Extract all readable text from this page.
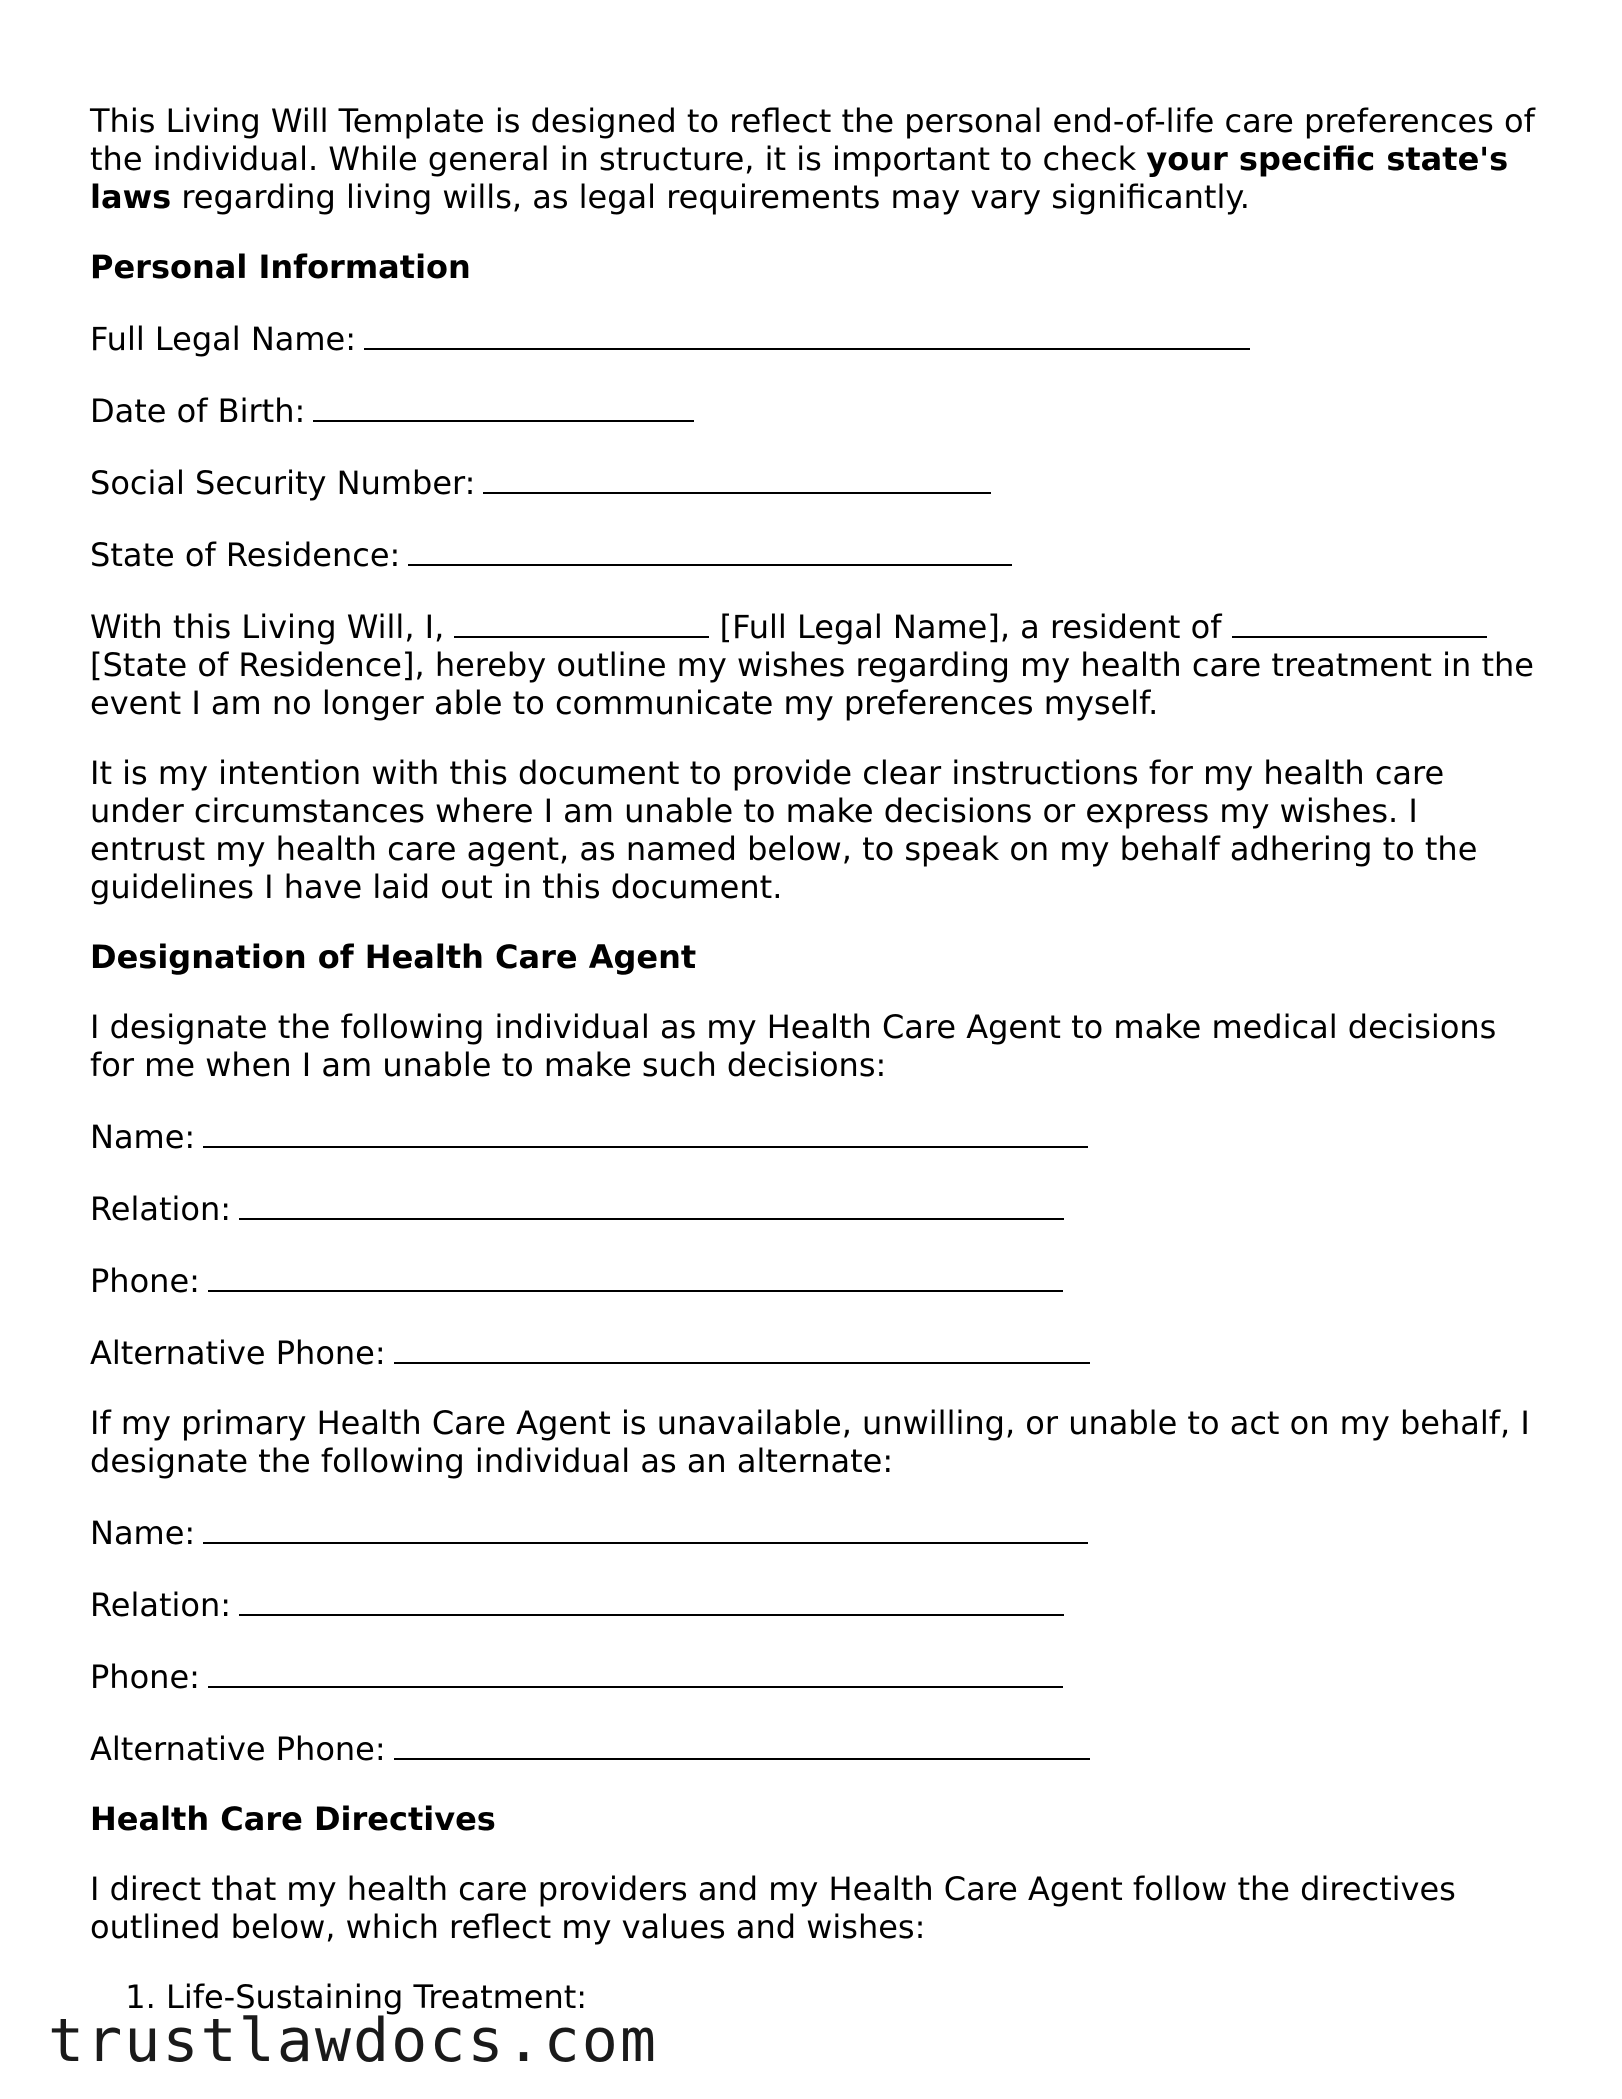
This Living Will Template is designed to reflect the personal end-of-life care preferences of the individual. While general in structure, it is important to check your specific state's laws regarding living wills, as legal requirements may vary significantly.

Personal Information
Full Legal Name:
Date of Birth:
Social Security Number:
State of Residence:

With this Living Will, I,	[Full Legal Name], a resident of  [State of Residence], hereby outline my wishes regarding my health care treatment in the event I am no longer able to communicate my preferences myself.

It is my intention with this document to provide clear instructions for my health care under circumstances where I am unable to make decisions or express my wishes. I entrust my health care agent, as named below, to speak on my behalf adhering to the guidelines I have laid out in this document.

Designation of Health Care Agent

I designate the following individual as my Health Care Agent to make medical decisions for me when I am unable to make such decisions:

Name:
Relation:
Phone:
Alternative Phone:

If my primary Health Care Agent is unavailable, unwilling, or unable to act on my behalf, I designate the following individual as an alternate:

Name:
Relation:
Phone:
Alternative Phone:
Health Care Directives

I direct that my health care providers and my Health Care Agent follow the directives outlined below, which reflect my values and wishes:

1. Life-Sustaining Treatment:
trustlawdocs.com
